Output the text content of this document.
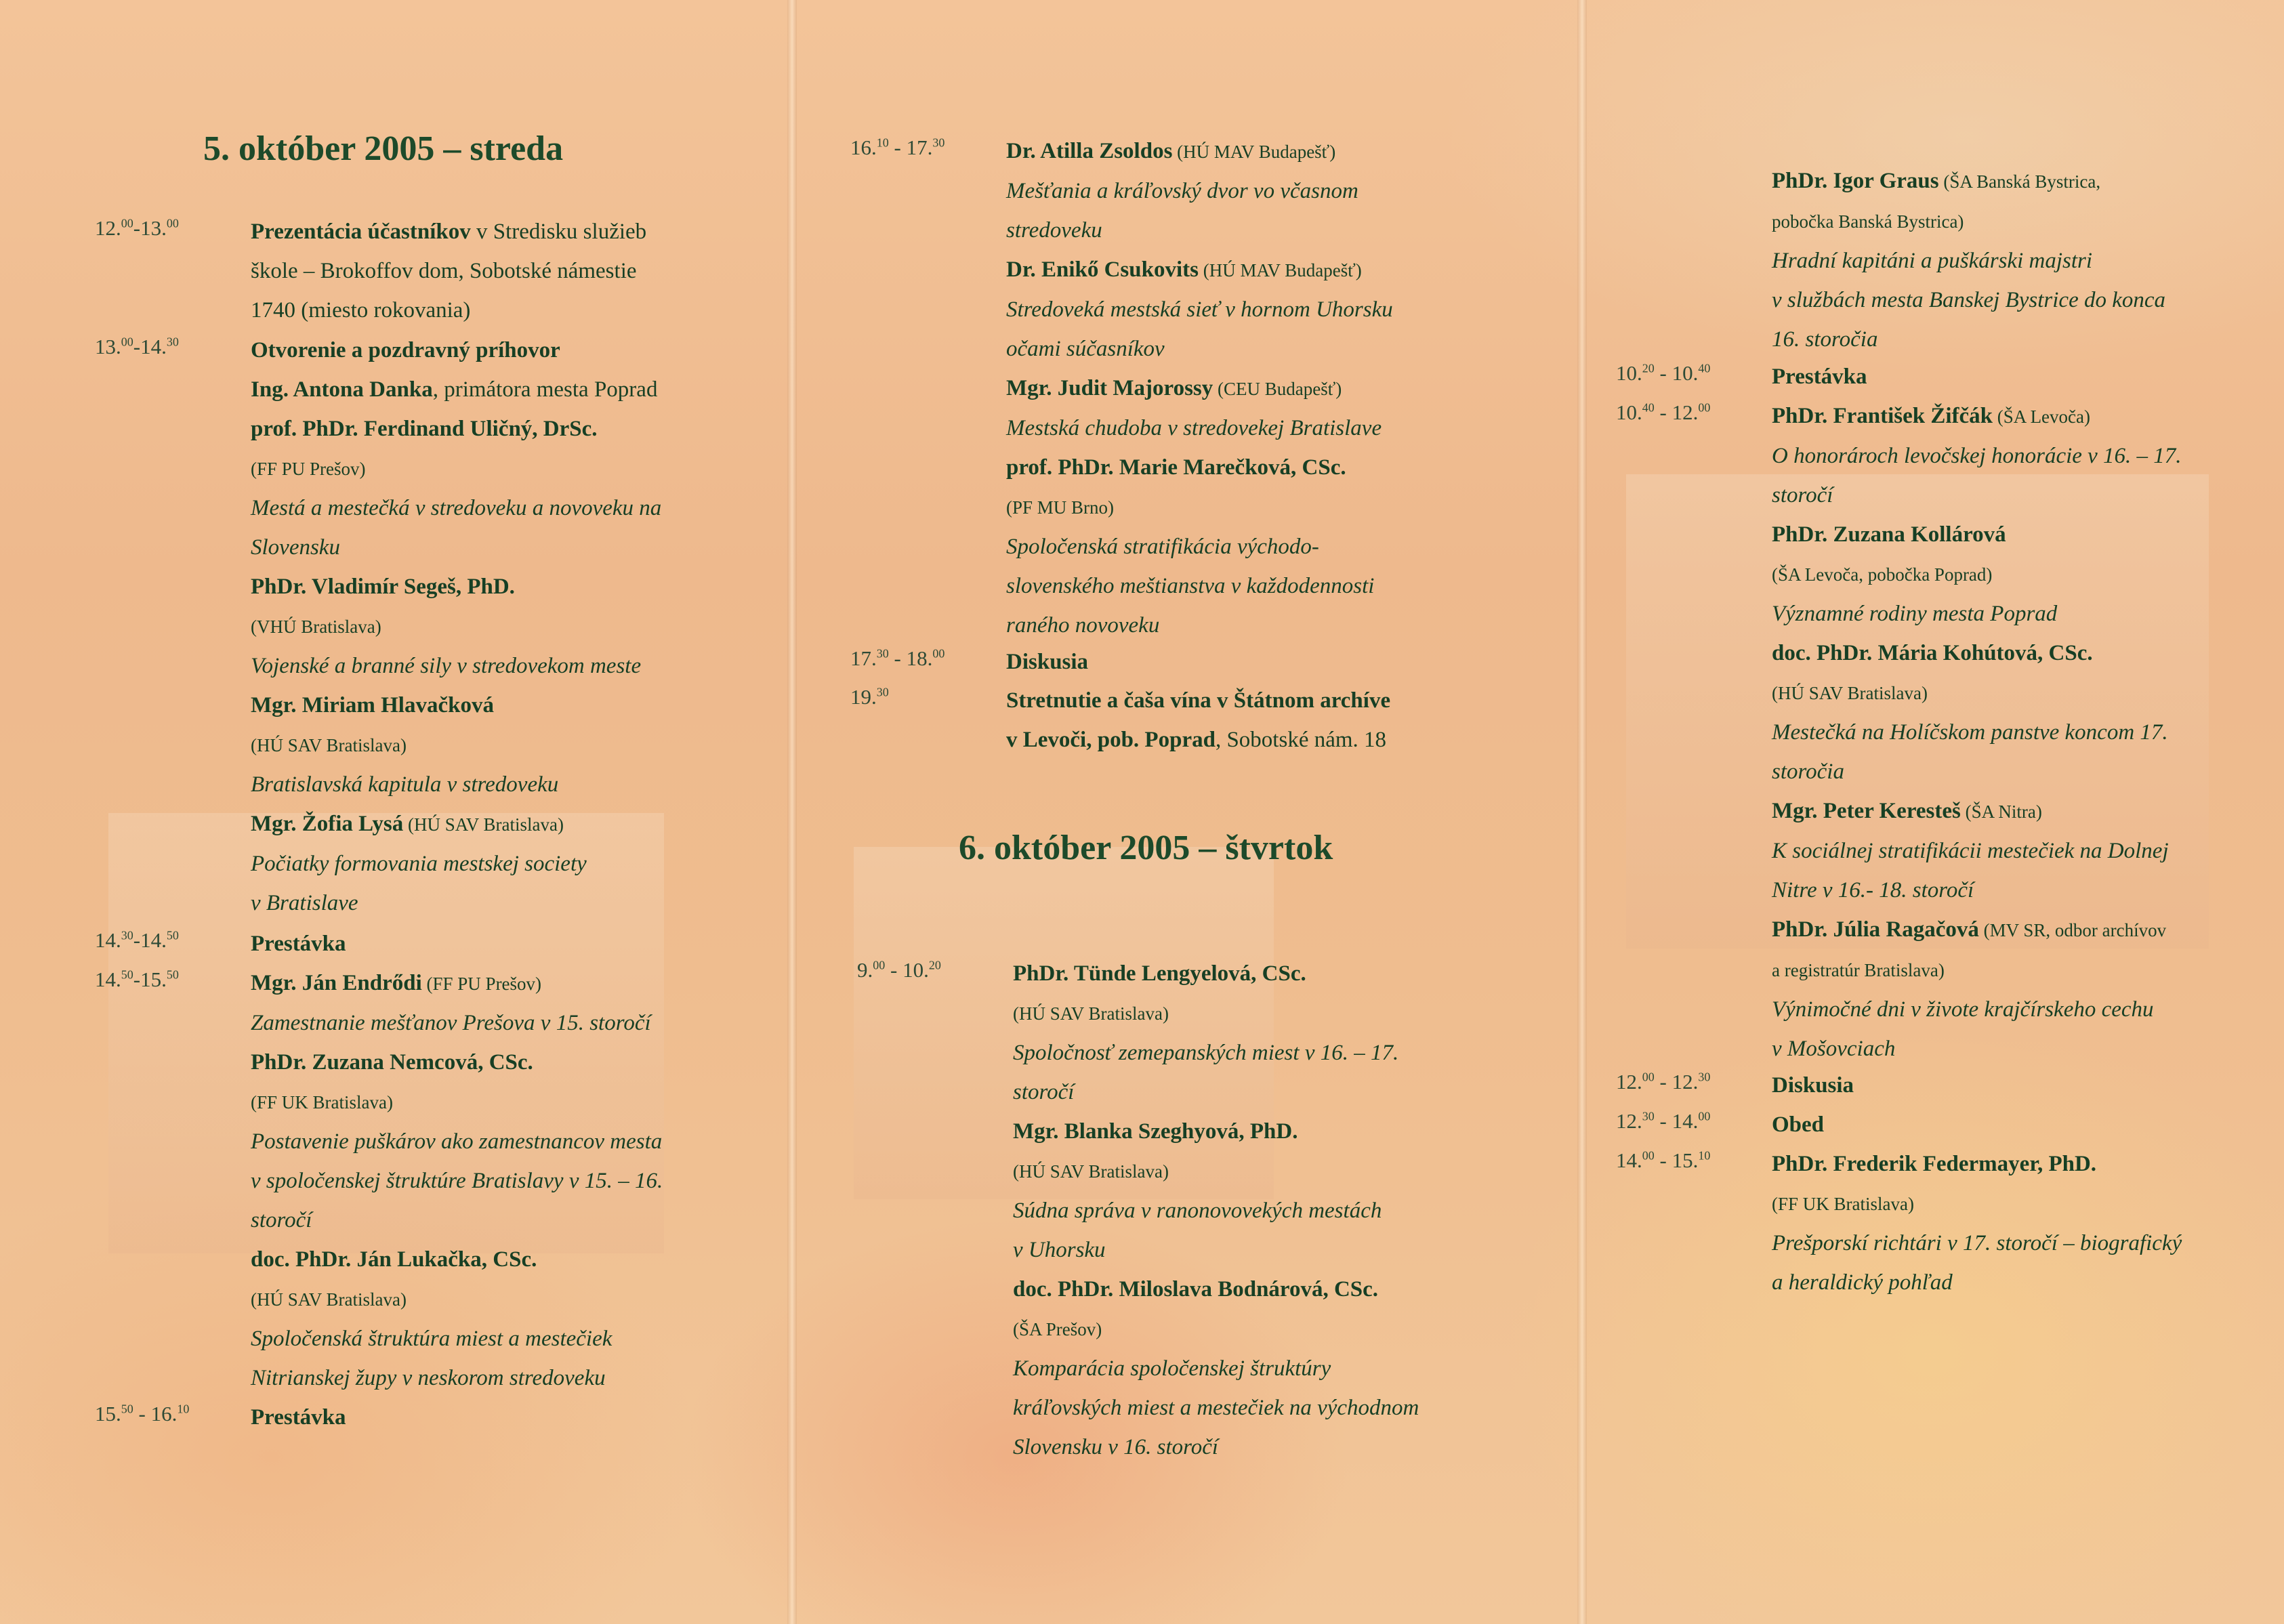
5. október 2005 – streda
12.00-13.00	Prezentácia účastníkov v Stredisku služieb
škole – Brokoffov dom, Sobotské námestie
1740 (miesto rokovania)
13.00-14.30	Otvorenie a pozdravný príhovor
Ing. Antona Danka, primátora mesta Poprad
prof. PhDr. Ferdinand Uličný, DrSc.
(FF PU Prešov)
Mestá a mestečká v stredoveku a novoveku na
Slovensku
PhDr. Vladimír Segeš, PhD.
(VHÚ Bratislava)
Vojenské a branné sily v stredovekom meste
Mgr. Miriam Hlavačková
(HÚ SAV Bratislava)
Bratislavská kapitula v stredoveku
Mgr. Žofia Lysá (HÚ SAV Bratislava)
Počiatky formovania mestskej society
v Bratislave
14.30-14.50	Prestávka
14.50-15.50	Mgr. Ján Endrődi (FF PU Prešov)
Zamestnanie mešťanov Prešova v 15. storočí
PhDr. Zuzana Nemcová, CSc.
(FF UK Bratislava)
Postavenie puškárov ako zamestnancov mesta
v spoločenskej štruktúre Bratislavy v 15. – 16.
storočí
doc. PhDr. Ján Lukačka, CSc.
(HÚ SAV Bratislava)
Spoločenská štruktúra miest a mestečiek
Nitrianskej župy v neskorom stredoveku
15.50 - 16.10	Prestávka
16.10 - 17.30	Dr. Atilla Zsoldos (HÚ MAV Budapešť)
Mešťania a kráľovský dvor vo včasnom
stredoveku
Dr. Enikő Csukovits (HÚ MAV Budapešť)
Stredoveká mestská sieť v hornom Uhorsku
očami súčasníkov
Mgr. Judit Majorossy (CEU Budapešť)
Mestská chudoba v stredovekej Bratislave
prof. PhDr. Marie Marečková, CSc.
(PF MU Brno)
Spoločenská stratifikácia východo-
slovenského meštianstva v každodennosti
raného novoveku
17.30 - 18.00	Diskusia
19.30	Stretnutie a čaša vína v Štátnom archíve
v Levoči, pob. Poprad, Sobotské nám. 18
6. október 2005 – štvrtok
9.00 - 10.20	PhDr. Tünde Lengyelová, CSc.
(HÚ SAV Bratislava)
Spoločnosť zemepanských miest v 16. – 17.
storočí
Mgr. Blanka Szeghyová, PhD.
(HÚ SAV Bratislava)
Súdna správa v ranonovovekých mestách
v Uhorsku
doc. PhDr. Miloslava Bodnárová, CSc.
(ŠA Prešov)
Komparácia spoločenskej štruktúry
kráľovských miest a mestečiek na východnom
Slovensku v 16. storočí
PhDr. Igor Graus (ŠA Banská Bystrica,
pobočka Banská Bystrica)
Hradní kapitáni a puškárski majstri
v službách mesta Banskej Bystrice do konca
16. storočia
10.20 - 10.40	Prestávka
10.40 - 12.00	PhDr. František Žifčák (ŠA Levoča)
O honorároch levočskej honorácie v 16. – 17.
storočí
PhDr. Zuzana Kollárová
(ŠA Levoča, pobočka Poprad)
Významné rodiny mesta Poprad
doc. PhDr. Mária Kohútová, CSc.
(HÚ SAV Bratislava)
Mestečká na Holíčskom panstve koncom 17.
storočia
Mgr. Peter Keresteš (ŠA Nitra)
K sociálnej stratifikácii mestečiek na Dolnej
Nitre v 16.- 18. storočí
PhDr. Júlia Ragačová (MV SR, odbor archívov
a registratúr Bratislava)
Výnimočné dni v živote krajčírskeho cechu
v Mošovciach
12.00 - 12.30	Diskusia
12.30 - 14.00	Obed
14.00 - 15.10	PhDr. Frederik Federmayer, PhD.
(FF UK Bratislava)
Prešporskí richtári v 17. storočí – biografický
a heraldický pohľad
